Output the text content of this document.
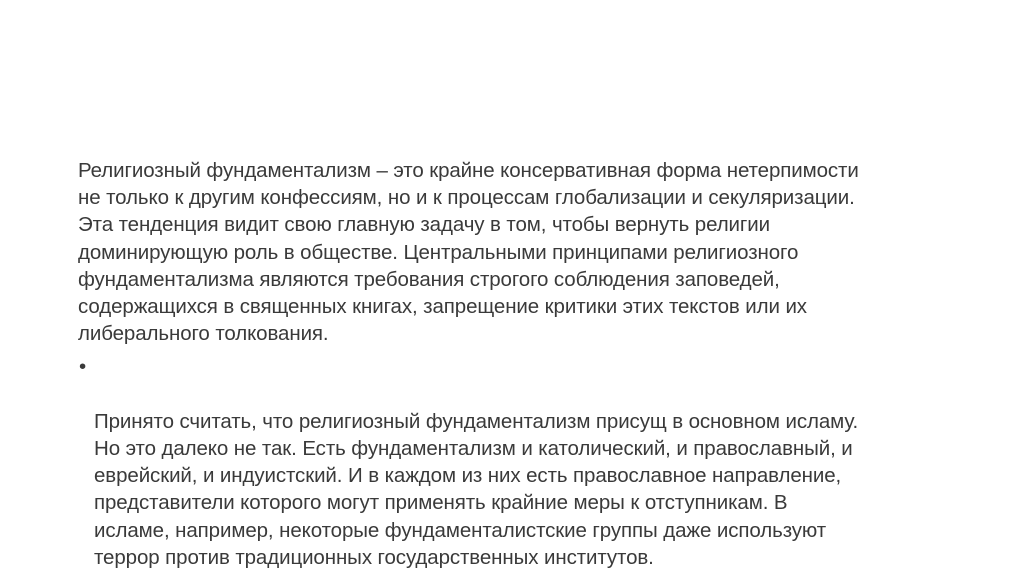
Религиозный фундаментализм – это крайне консервативная форма нетерпимости
не только к другим конфессиям, но и к процессам глобализации и секуляризации.
Эта тенденция видит свою главную задачу в том, чтобы вернуть религии
доминирующую роль в обществе. Центральными принципами религиозного
фундаментализма являются требования строгого соблюдения заповедей,
содержащихся в священных книгах, запрещение критики этих текстов или их
либерального толкования.

•

Принято считать, что религиозный фундаментализм присущ в основном исламу.
Но это далеко не так. Есть фундаментализм и католический, и православный, и
еврейский, и индуистский. И в каждом из них есть православное направление,
представители которого могут применять крайние меры к отступникам. В
исламе, например, некоторые фундаменталистские группы даже используют
террор против традиционных государственных институтов.
